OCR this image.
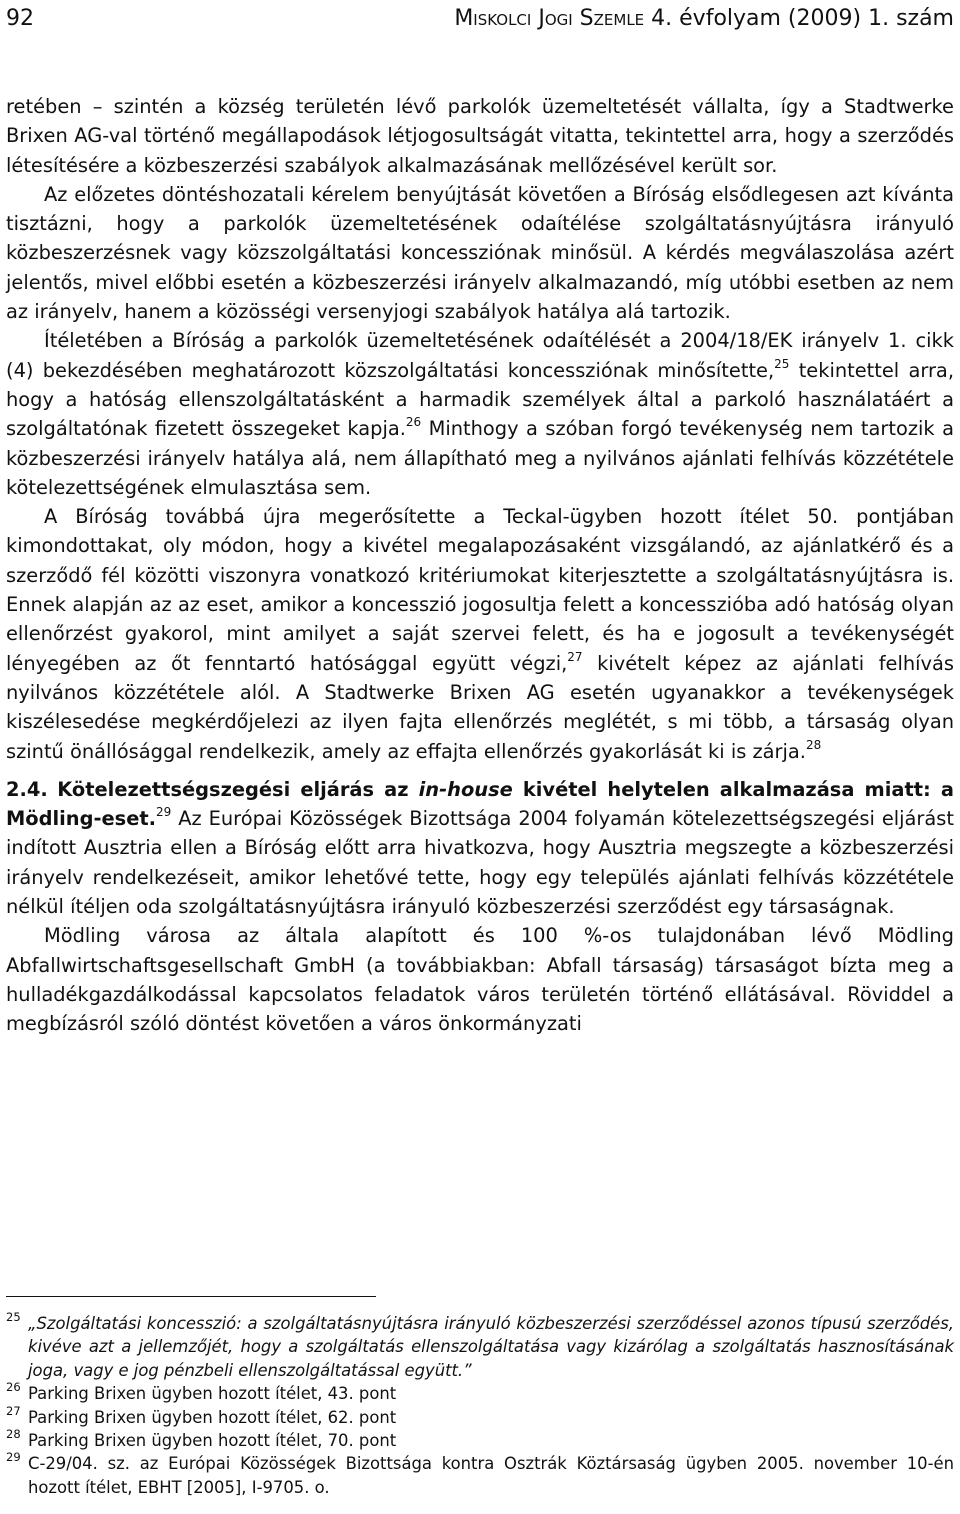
92	Miskolci Jogi Szemle 4. évfolyam (2009) 1. szám

retében – szintén a község területén lévő parkolók üzemeltetését vállalta, így a Stadtwerke Brixen AG-val történő megállapodások létjogosultságát vitatta, tekintettel arra, hogy a szerződés létesítésére a közbeszerzési szabályok alkalmazásának mellőzésével került sor.

Az előzetes döntéshozatali kérelem benyújtását követően a Bíróság elsődlegesen azt kívánta tisztázni, hogy a parkolók üzemeltetésének odaítélése szolgáltatásnyújtásra irányuló közbeszerzésnek vagy közszolgáltatási koncessziónak minősül. A kérdés megválaszolása azért jelentős, mivel előbbi esetén a közbeszerzési irányelv alkalmazandó, míg utóbbi esetben az nem az irányelv, hanem a közösségi versenyjogi szabályok hatálya alá tartozik.

Ítéletében a Bíróság a parkolók üzemeltetésének odaítélését a 2004/18/EK irányelv 1. cikk (4) bekezdésében meghatározott közszolgáltatási koncessziónak minősítette,$^{25}$ tekintettel arra, hogy a hatóság ellenszolgáltatásként a harmadik személyek által a parkoló használatáért a szolgáltatónak fizetett összegeket kapja.$^{26}$ Minthogy a szóban forgó tevékenység nem tartozik a közbeszerzési irányelv hatálya alá, nem állapítható meg a nyilvános ajánlati felhívás közzététele kötelezettségének elmulasztása sem.

A Bíróság továbbá újra megerősítette a Teckal-ügyben hozott ítélet 50. pontjában kimondottakat, oly módon, hogy a kivétel megalapozásaként vizsgálandó, az ajánlatkérő és a szerződő fél közötti viszonyra vonatkozó kritériumokat kiterjesztette a szolgáltatásnyújtásra is. Ennek alapján az az eset, amikor a koncesszió jogosultja felett a koncesszióba adó hatóság olyan ellenőrzést gyakorol, mint amilyet a saját szervei felett, és ha e jogosult a tevékenységét lényegében az őt fenntartó hatósággal együtt végzi,$^{27}$ kivételt képez az ajánlati felhívás nyilvános közzététele alól. A Stadtwerke Brixen AG esetén ugyanakkor a tevékenységek kiszélesedése megkérdőjelezi az ilyen fajta ellenőrzés meglétét, s mi több, a társaság olyan szintű önállósággal rendelkezik, amely az effajta ellenőrzés gyakorlását ki is zárja.$^{28}$

2.4. Kötelezettségszegési eljárás az in-house kivétel helytelen alkalmazása miatt: a Mödling-eset.$^{29}$ Az Európai Közösségek Bizottsága 2004 folyamán kötelezettségszegési eljárást indított Ausztria ellen a Bíróság előtt arra hivatkozva, hogy Ausztria megszegte a közbeszerzési irányelv rendelkezéseit, amikor lehetővé tette, hogy egy település ajánlati felhívás közzététele nélkül ítéljen oda szolgáltatásnyújtásra irányuló közbeszerzési szerződést egy társaságnak.

Mödling városa az általa alapított és 100 %-os tulajdonában lévő Mödling Abfallwirtschaftsgesellschaft GmbH (a továbbiakban: Abfall társaság) társaságot bízta meg a hulladékgazdálkodással kapcsolatos feladatok város területén történő ellátásával. Röviddel a megbízásról szóló döntést követően a város önkormányzati

25 „Szolgáltatási koncesszió: a szolgáltatásnyújtásra irányuló közbeszerzési szerződéssel azonos típusú szerződés, kivéve azt a jellemzőjét, hogy a szolgáltatás ellenszolgáltatása vagy kizárólag a szolgáltatás hasznosításának joga, vagy e jog pénzbeli ellenszolgáltatással együtt.”
26 Parking Brixen ügyben hozott ítélet, 43. pont
27 Parking Brixen ügyben hozott ítélet, 62. pont
28 Parking Brixen ügyben hozott ítélet, 70. pont
29 C-29/04. sz. az Európai Közösségek Bizottsága kontra Osztrák Köztársaság ügyben 2005. november 10-én hozott ítélet, EBHT [2005], I-9705. o.
